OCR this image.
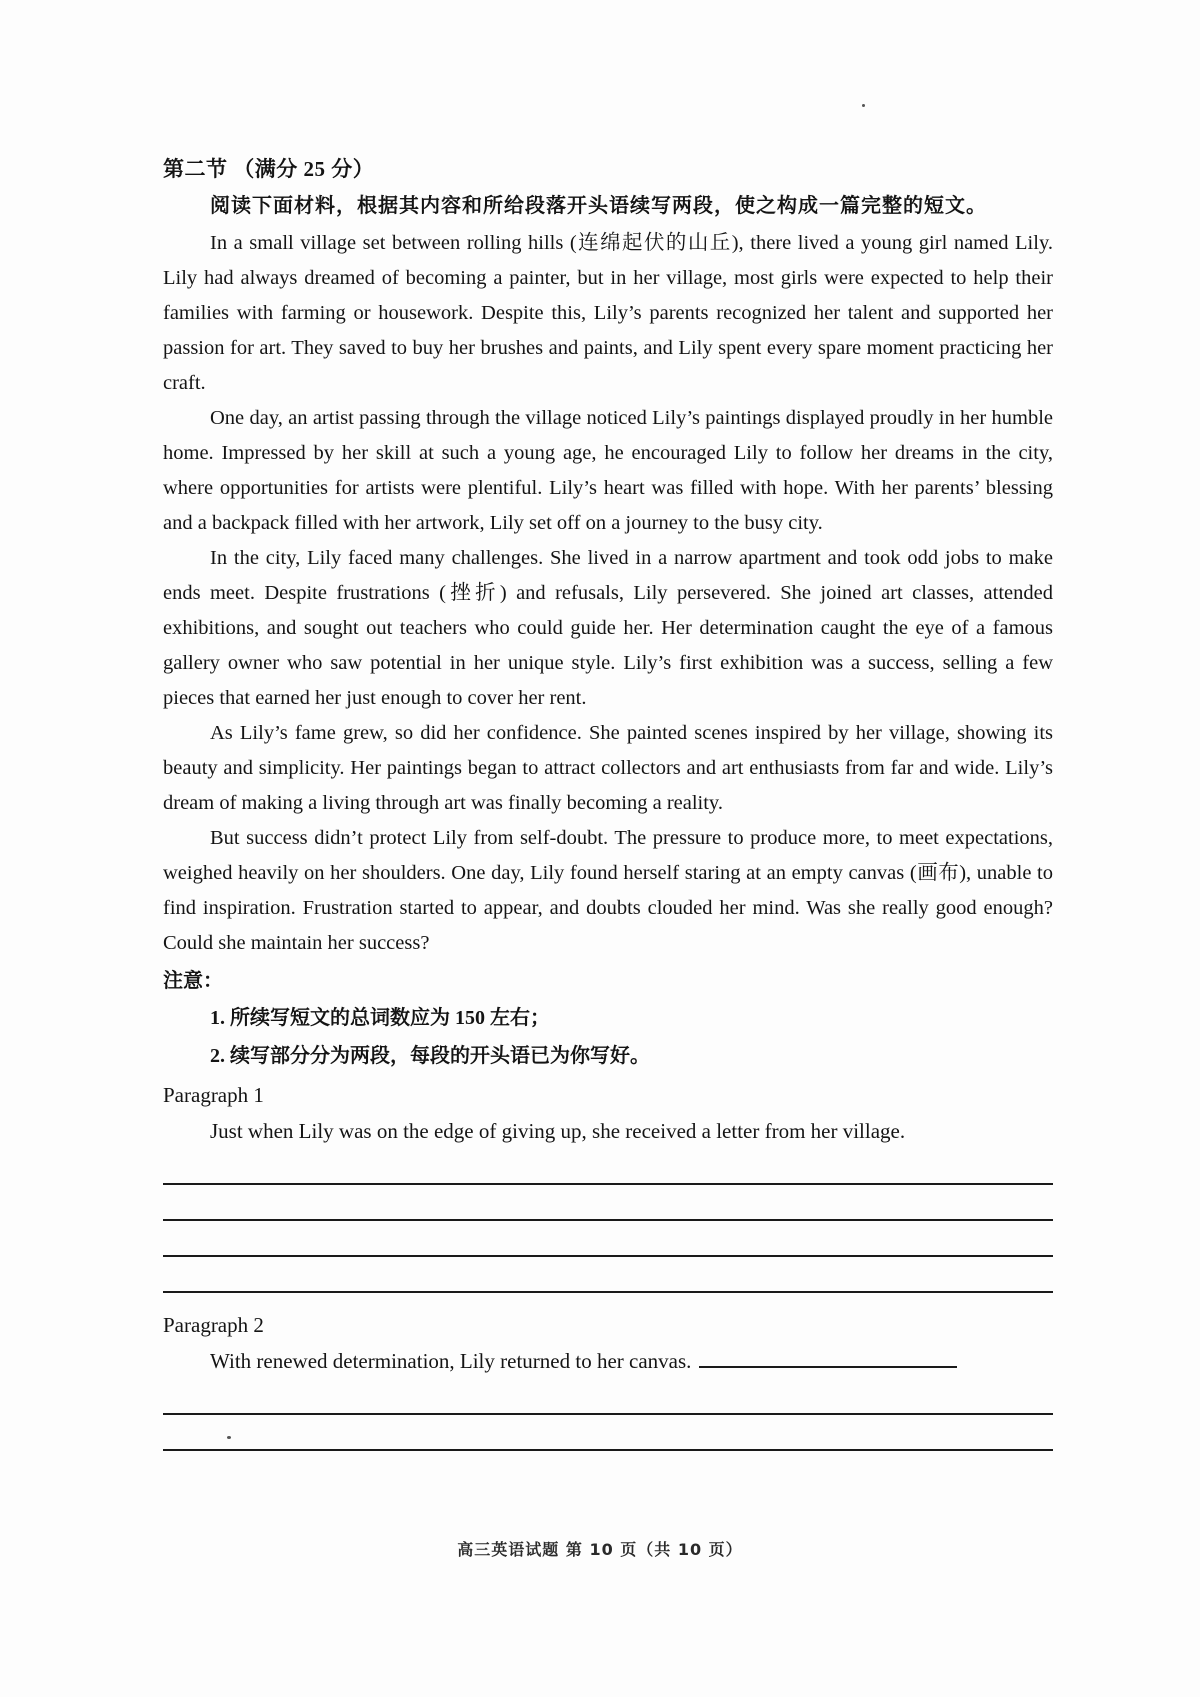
第二节 （满分 25 分）
阅读下面材料，根据其内容和所给段落开头语续写两段，使之构成一篇完整的短文。

In a small village set between rolling hills (连绵起伏的山丘), there lived a young girl named Lily. Lily had always dreamed of becoming a painter, but in her village, most girls were expected to help their families with farming or housework. Despite this, Lily’s parents recognized her talent and supported her passion for art. They saved to buy her brushes and paints, and Lily spent every spare moment practicing her craft.

One day, an artist passing through the village noticed Lily’s paintings displayed proudly in her humble home. Impressed by her skill at such a young age, he encouraged Lily to follow her dreams in the city, where opportunities for artists were plentiful. Lily’s heart was filled with hope. With her parents’ blessing and a backpack filled with her artwork, Lily set off on a journey to the busy city.

In the city, Lily faced many challenges. She lived in a narrow apartment and took odd jobs to make ends meet. Despite frustrations (挫折) and refusals, Lily persevered. She joined art classes, attended exhibitions, and sought out teachers who could guide her. Her determination caught the eye of a famous gallery owner who saw potential in her unique style. Lily’s first exhibition was a success, selling a few pieces that earned her just enough to cover her rent.

As Lily’s fame grew, so did her confidence. She painted scenes inspired by her village, showing its beauty and simplicity. Her paintings began to attract collectors and art enthusiasts from far and wide. Lily’s dream of making a living through art was finally becoming a reality.

But success didn’t protect Lily from self-doubt. The pressure to produce more, to meet expectations, weighed heavily on her shoulders. One day, Lily found herself staring at an empty canvas (画布), unable to find inspiration. Frustration started to appear, and doubts clouded her mind. Was she really good enough? Could she maintain her success?

注意：
1. 所续写短文的总词数应为 150 左右；
2. 续写部分分为两段，每段的开头语已为你写好。
Paragraph 1
Just when Lily was on the edge of giving up, she received a letter from her village.
Paragraph 2
With renewed determination, Lily returned to her canvas.
高三英语试题 第 10 页（共 10 页）
